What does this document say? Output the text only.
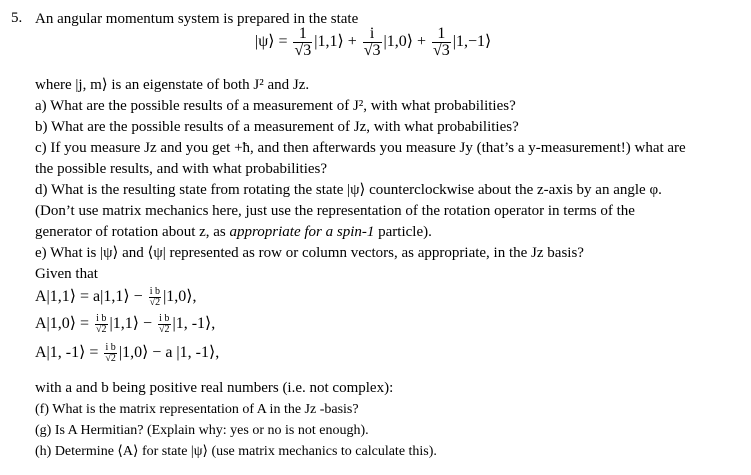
5. An angular momentum system is prepared in the state
|ψ⟩ = $\frac{1}{√3}$ |1,1⟩ + $\frac{i}{√3}$ |1,0⟩ + $\frac{1}{√3}$ |1,−1⟩
where |j, m⟩ is an eigenstate of both J² and Jz.
a) What are the possible results of a measurement of J², with what probabilities?
b) What are the possible results of a measurement of Jz, with what probabilities?
c) If you measure Jz and you get +ħ, and then afterwards you measure Jy (that’s a y-measurement!) what are
the possible results, and with what probabilities?
d) What is the resulting state from rotating the state |ψ⟩ counterclockwise about the z-axis by an angle φ.
(Don’t use matrix mechanics here, just use the representation of the rotation operator in terms of the
generator of rotation about z, as appropriate for a spin-1 particle).
e) What is |ψ⟩ and ⟨ψ| represented as row or column vectors, as appropriate, in the Jz basis?
Given that
A|1,1⟩ = a|1,1⟩ − $\frac{\text{i b}}{√2}$ |1,0⟩,
A|1,0⟩ = $\frac{\text{i b}}{√2}$ |1,1⟩ − $\frac{\text{i b}}{√2} |1$, -1⟩,
A|1, -1⟩ = $\frac{\text{i b}}{√2}$ |1,0⟩ − a |1, -1⟩,
with a and b being positive real numbers (i.e. not complex):
(f) What is the matrix representation of A in the Jz -basis?
(g) Is A Hermitian? (Explain why: yes or no is not enough).
(h) Determine ⟨A⟩ for state |ψ⟩ (use matrix mechanics to calculate this).
